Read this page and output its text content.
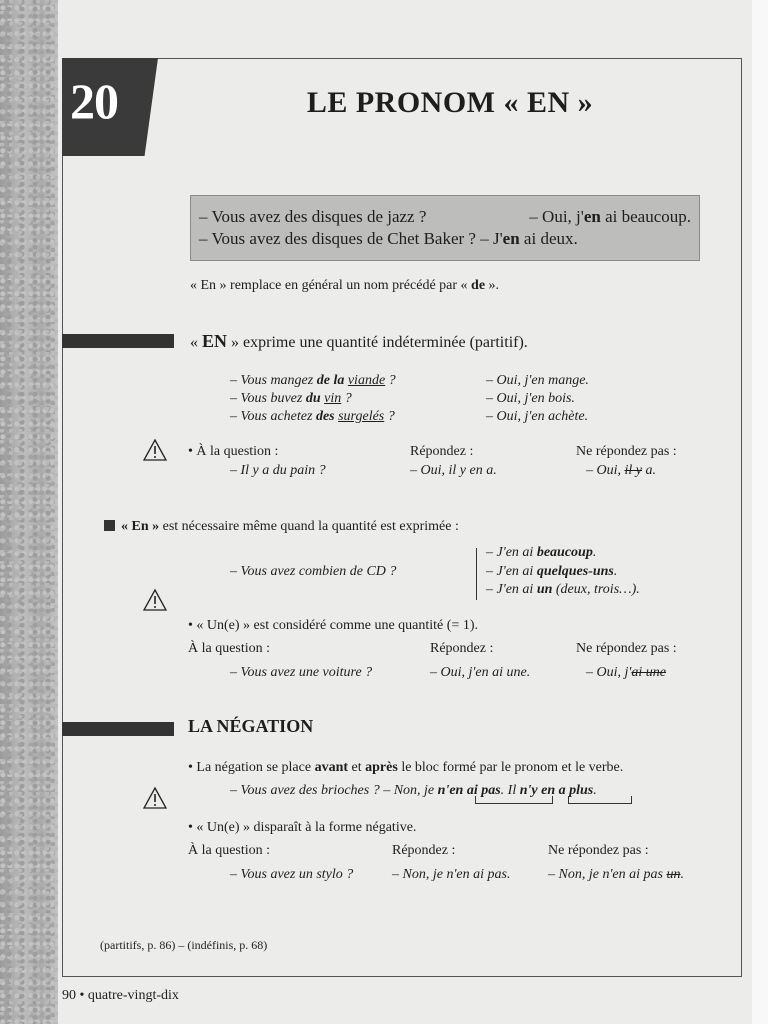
20	LE PRONOM « EN »
– Vous avez des disques de jazz ?	– Oui, j'en ai beaucoup.
– Vous avez des disques de Chet Baker ? – J'en ai deux.
« En » remplace en général un nom précédé par « de ».
« EN » exprime une quantité indéterminée (partitif).
– Vous mangez de la viande ?	– Oui, j'en mange.
– Vous buvez du vin ?	– Oui, j'en bois.
– Vous achetez des surgelés ?	– Oui, j'en achète.
• À la question :	Répondez :	Ne répondez pas :
– Il y a du pain ?	– Oui, il y en a.	– Oui, il y a.
« En » est nécessaire même quand la quantité est exprimée :
– Vous avez combien de CD ?
– J'en ai beaucoup.
– J'en ai quelques-uns.
– J'en ai un (deux, trois…).
• « Un(e) » est considéré comme une quantité (= 1).
À la question :	Répondez :	Ne répondez pas :
– Vous avez une voiture ?	– Oui, j'en ai une.	– Oui, j'ai une
LA NÉGATION
• La négation se place avant et après le bloc formé par le pronom et le verbe.
– Vous avez des brioches ? – Non, je n'en ai pas. Il n'y en a plus.
• « Un(e) » disparaît à la forme négative.
À la question :	Répondez :	Ne répondez pas :
– Vous avez un stylo ?	– Non, je n'en ai pas.	– Non, je n'en ai pas un.
(partitifs, p. 86) – (indéfinis, p. 68)
90 • quatre-vingt-dix
